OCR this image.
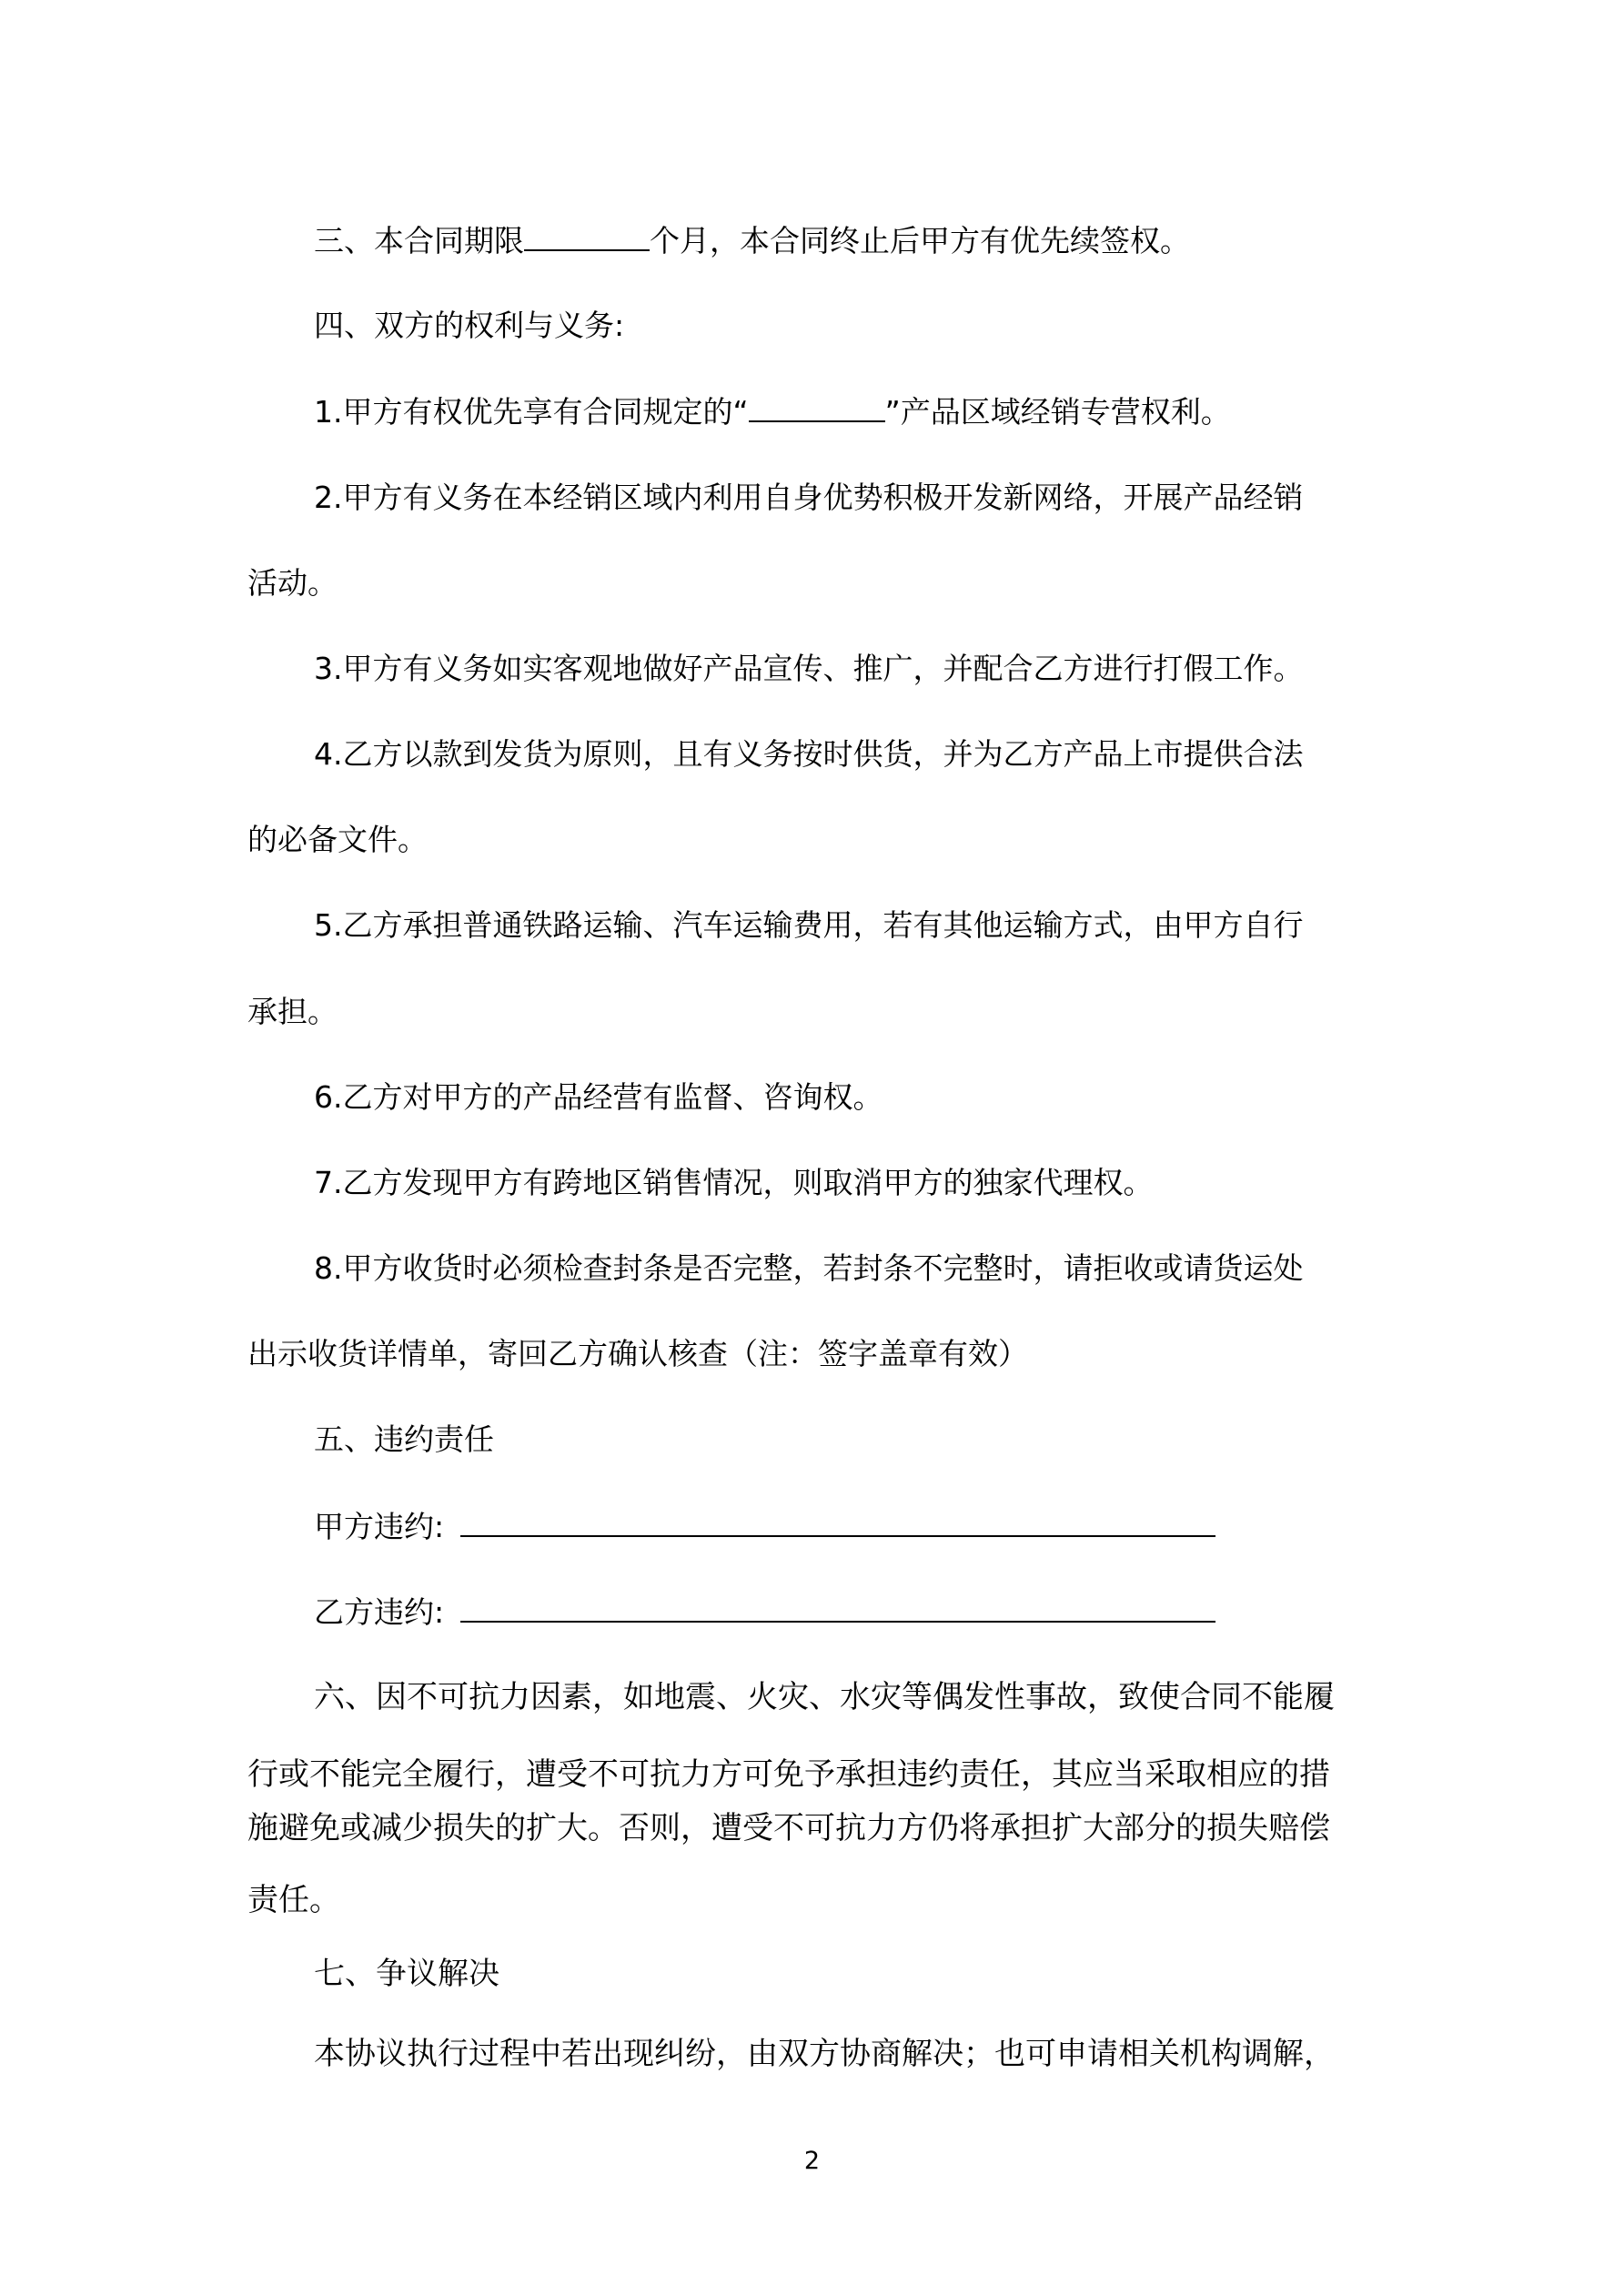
三、本合同期限	个月，本合同终止后甲方有优先续签权。
四、双方的权利与义务:
1.甲方有权优先享有合同规定的“	”产品区域经销专营权利。
2.甲方有义务在本经销区域内利用自身优势积极开发新网络，开展产品经销
活动。
3.甲方有义务如实客观地做好产品宣传、推广，并配合乙方进行打假工作。
4.乙方以款到发货为原则，且有义务按时供货，并为乙方产品上市提供合法
的必备文件。
5.乙方承担普通铁路运输、汽车运输费用，若有其他运输方式，由甲方自行
承担。
6.乙方对甲方的产品经营有监督、咨询权。
7.乙方发现甲方有跨地区销售情况，则取消甲方的独家代理权。
8.甲方收货时必须检查封条是否完整，若封条不完整时，请拒收或请货运处
出示收货详情单，寄回乙方确认核查（注：签字盖章有效）
五、违约责任
甲方违约:
乙方违约:
六、因不可抗力因素，如地震、火灾、水灾等偶发性事故，致使合同不能履
行或不能完全履行，遭受不可抗力方可免予承担违约责任，其应当采取相应的措
施避免或减少损失的扩大。否则，遭受不可抗力方仍将承担扩大部分的损失赔偿
责任。
七、争议解决
本协议执行过程中若出现纠纷，由双方协商解决；也可申请相关机构调解，
2
